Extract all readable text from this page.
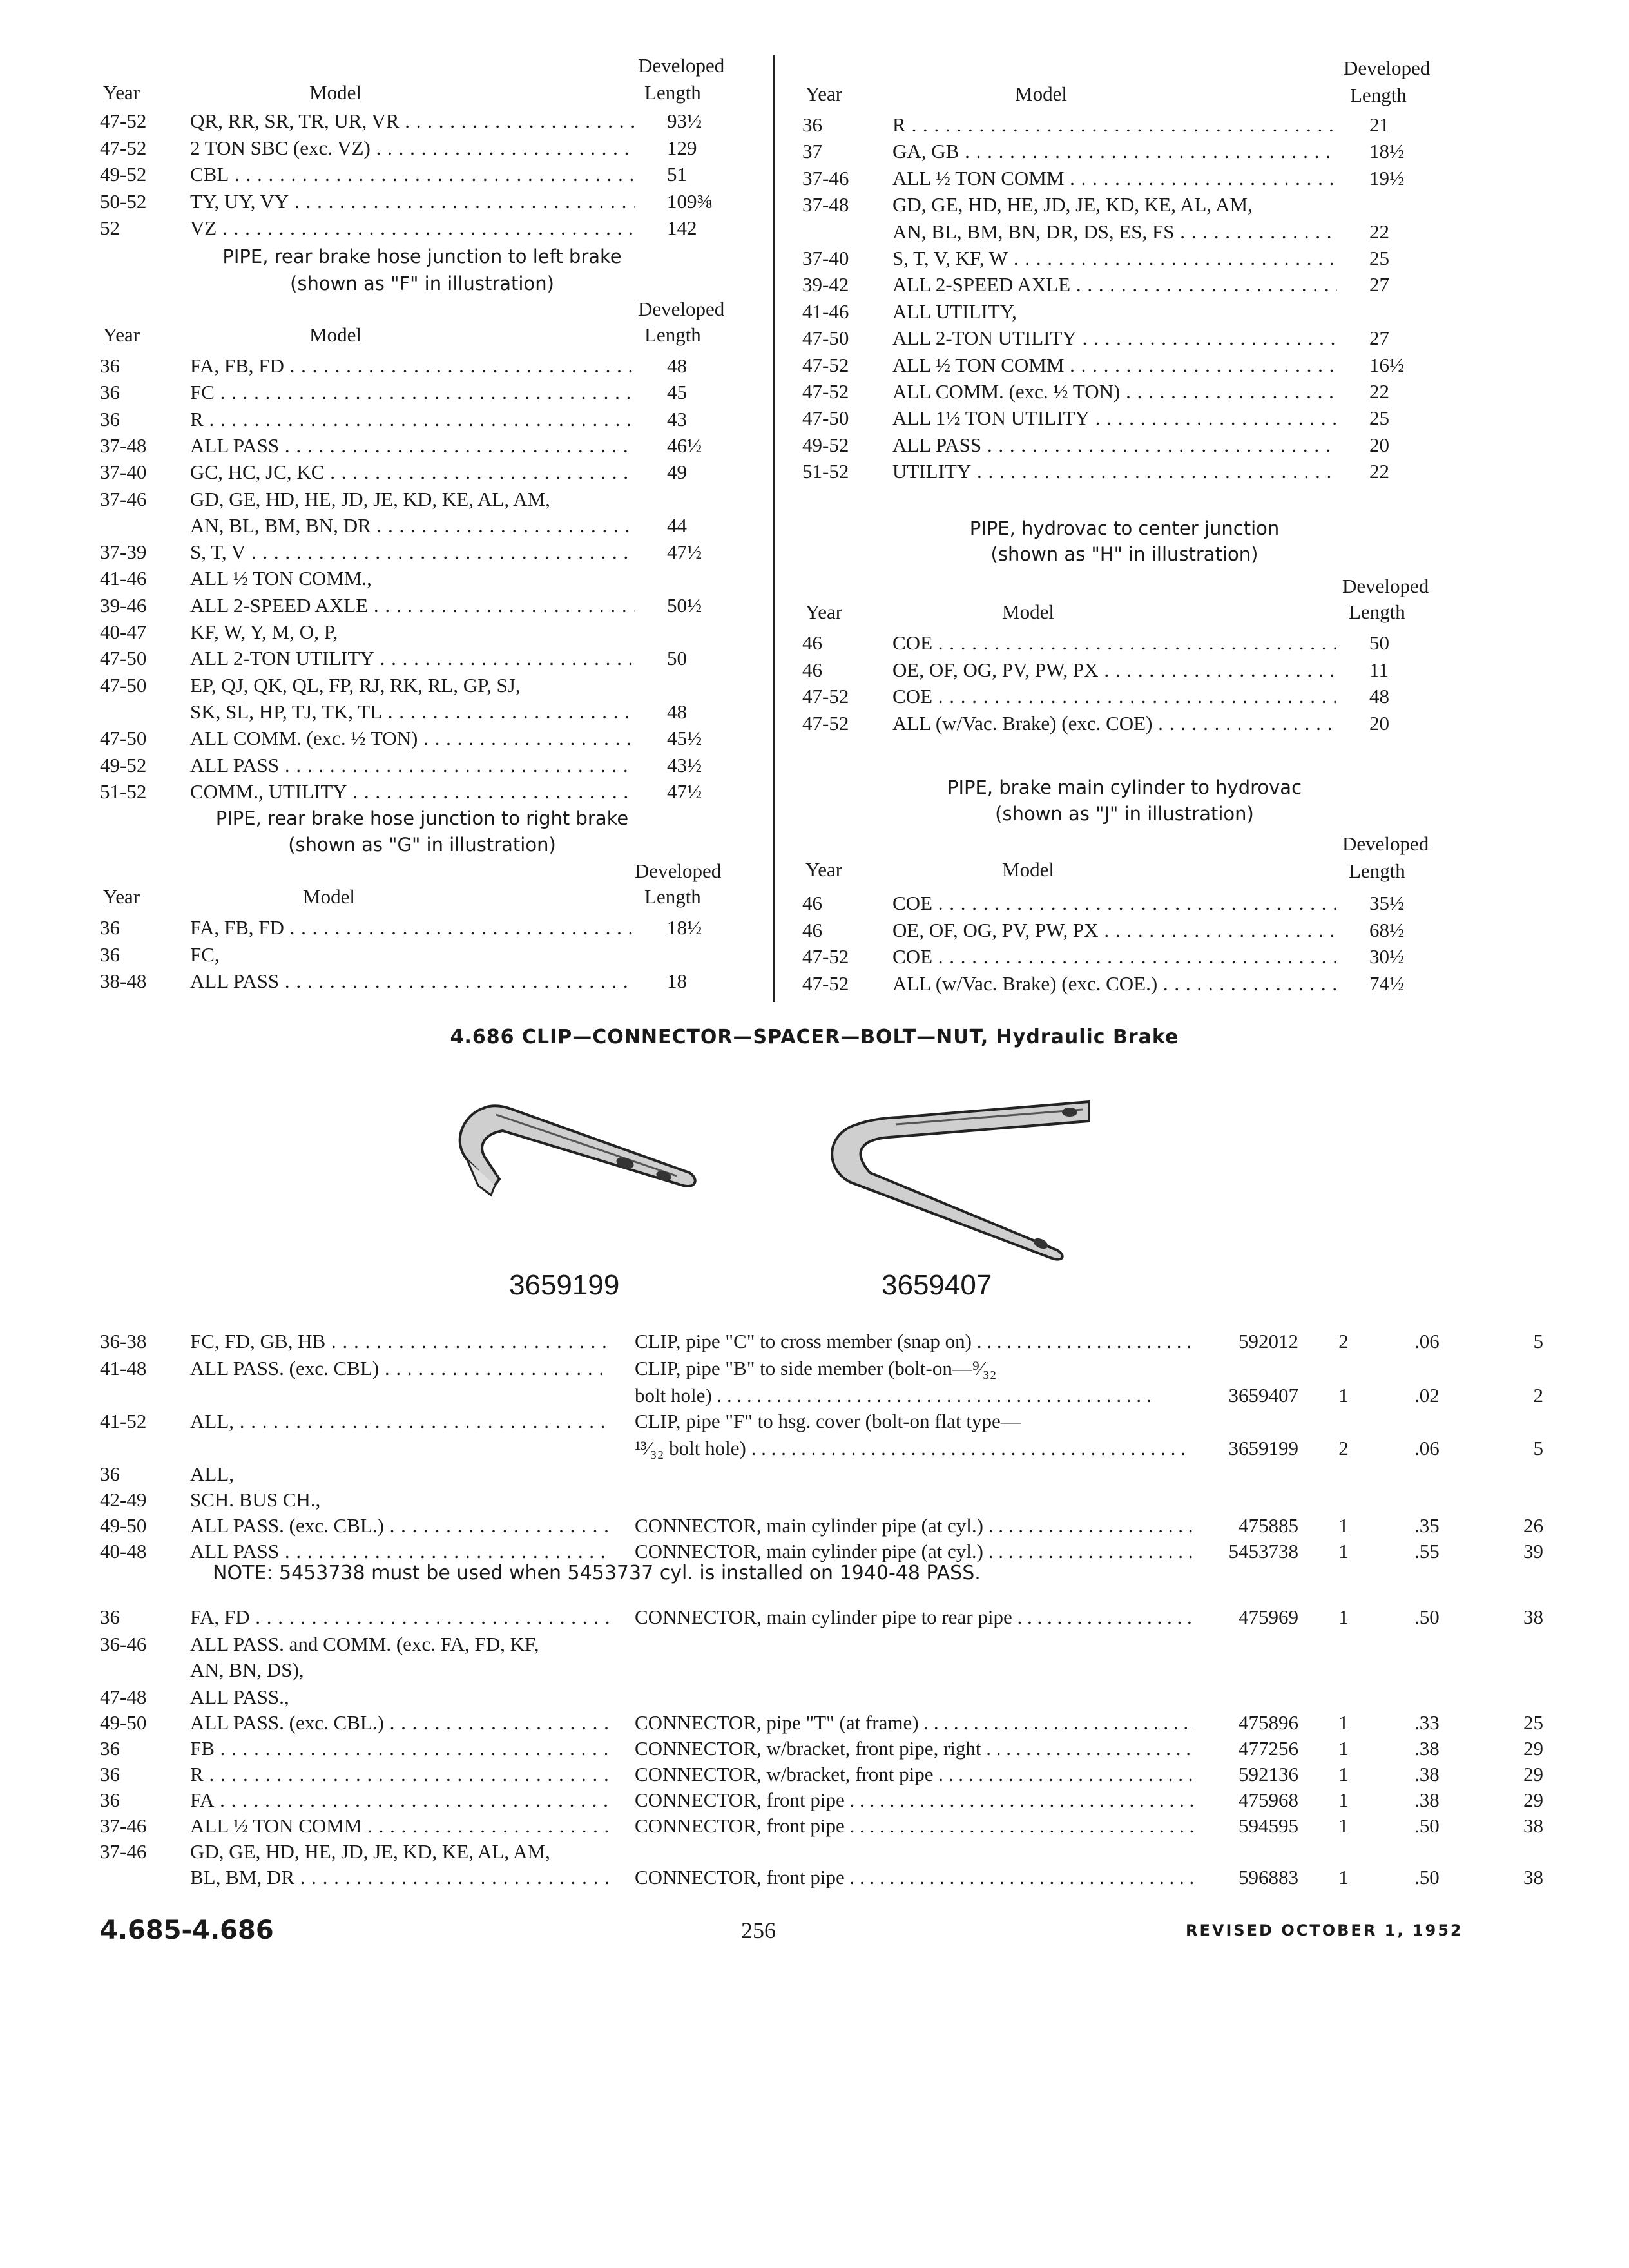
Developed
Year	Model	Length
47-52 QR, RR, SR, TR, UR, VR . . .	93½
47-52 2 TON SBC (exc. VZ) . . .	129
49-52 CBL . . .	51
50-52 TY, UY, VY . . .	109⅜
52	VZ . . .	142
PIPE, rear brake hose junction to left brake
(shown as "F" in illustration)
Developed
Year	Model	Length
36	FA, FB, FD . . .	48
36	FC . . .	45
36	R . . .	43
37-48 ALL PASS . . .	46½
37-40 GC, HC, JC, KC . . .	49
37-46 GD, GE, HD, HE, JD, JE, KD, KE, AL, AM,
AN, BL, BM, BN, DR . . .	44
37-39 S, T, V . . .	47½
41-46 ALL ½ TON COMM.,
39-46 ALL 2-SPEED AXLE . . .	50½
40-47 KF, W, Y, M, O, P,
47-50 ALL 2-TON UTILITY . . .	50
47-50 EP, QJ, QK, QL, FP, RJ, RK, RL, GP, SJ,
SK, SL, HP, TJ, TK, TL . . .	48
47-50 ALL COMM. (exc. ½ TON) . . .	45½
49-52 ALL PASS . . .	43½
51-52 COMM., UTILITY . . .	47½
PIPE, rear brake hose junction to right brake
(shown as "G" in illustration)
Developed
Year	Model	Length
36	FA, FB, FD . . .	18½
36	FC,
38-48 ALL PASS . . .	18
Developed
Year	Model	Length
36	R . . .	21
37	GA, GB . . .	18½
37-46 ALL ½ TON COMM . . .	19½
37-48 GD, GE, HD, HE, JD, JE, KD, KE, AL, AM,
AN, BL, BM, BN, DR, DS, ES, FS . . .	22
37-40 S, T, V, KF, W . . .	25
39-42 ALL 2-SPEED AXLE . . .	27
41-46 ALL UTILITY,
47-50 ALL 2-TON UTILITY . . .	27
47-52 ALL ½ TON COMM . . .	16½
47-52 ALL COMM. (exc. ½ TON) . . .	22
47-50 ALL 1½ TON UTILITY . . .	25
49-52 ALL PASS . . .	20
51-52 UTILITY . . .	22
PIPE, hydrovac to center junction
(shown as "H" in illustration)
Developed
Year	Model	Length
46	COE . . .	50
46	OE, OF, OG, PV, PW, PX . . .	11
47-52 COE . . .	48
47-52 ALL (w/Vac. Brake) (exc. COE) . . .	20
PIPE, brake main cylinder to hydrovac
(shown as "J" in illustration)
Developed
Year	Model	Length
46	COE . . .	35½
46	OE, OF, OG, PV, PW, PX . . .	68½
47-52 COE . . .	30½
47-52 ALL (w/Vac. Brake) (exc. COE.) . . .	74½
4.686 CLIP—CONNECTOR—SPACER—BOLT—NUT, Hydraulic Brake
3659199	3659407
36-38 FC, FD, GB, HB . . .	CLIP, pipe "C" to cross member (snap on) . . .	592012	2	.06	5
41-48 ALL PASS. (exc. CBL) . . .	CLIP, pipe "B" to side member (bolt-on—⁹⁄₃₂
bolt hole) . . .	3659407	1	.02	2
41-52 ALL, . . .	CLIP, pipe "F" to hsg. cover (bolt-on flat type—
¹³⁄₃₂ bolt hole) . . .	3659199	2	.06	5
36	ALL,
42-49 SCH. BUS CH.,
49-50 ALL PASS. (exc. CBL.) . . .	CONNECTOR, main cylinder pipe (at cyl.) . . .	475885	1	.35	26
40-48 ALL PASS . . .	CONNECTOR, main cylinder pipe (at cyl.) . . .	5453738	1	.55	39
36	FA, FD . . .	CONNECTOR, main cylinder pipe to rear pipe . . .	475969	1	.50	38
36-46 ALL PASS. and COMM. (exc. FA, FD, KF,
AN, BN, DS),
47-48 ALL PASS.,
49-50 ALL PASS. (exc. CBL.) . . .	CONNECTOR, pipe "T" (at frame) . . .	475896	1	.33	25
36	FB . . .	CONNECTOR, w/bracket, front pipe, right . . .	477256	1	.38	29
36	R . . .	CONNECTOR, w/bracket, front pipe . . .	592136	1	.38	29
36	FA . . .	CONNECTOR, front pipe . . .	475968	1	.38	29
37-46 ALL ½ TON COMM . . .	CONNECTOR, front pipe . . .	594595	1	.50	38
37-46 GD, GE, HD, HE, JD, JE, KD, KE, AL, AM,
BL, BM, DR . . .	CONNECTOR, front pipe . . .	596883	1	.50	38
NOTE: 5453738 must be used when 5453737 cyl. is installed on 1940-48 PASS.
4.685-4.686	256	REVISED OCTOBER 1, 1952
